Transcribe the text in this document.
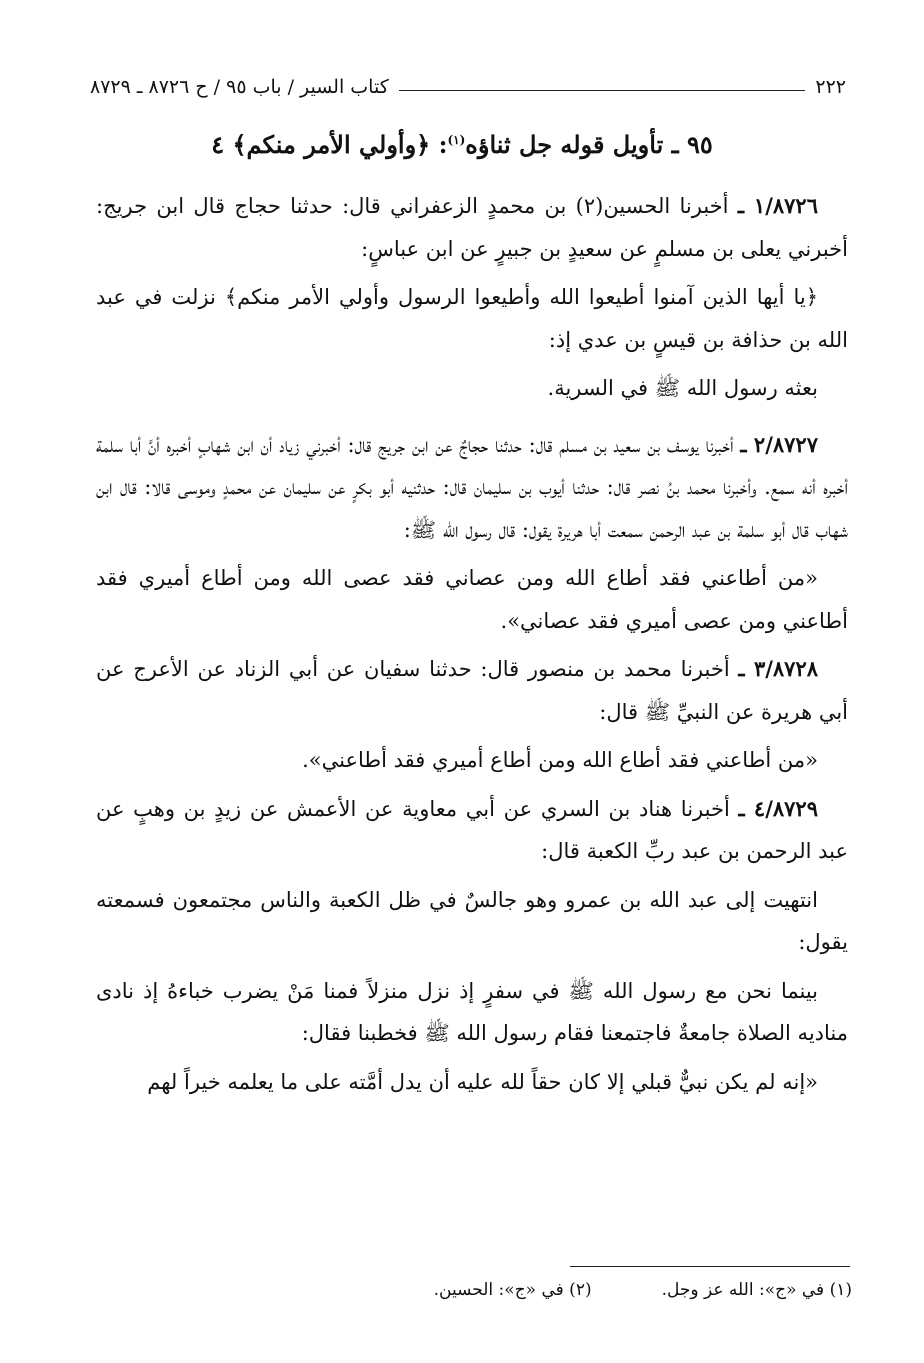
٢٢٢
كتاب السير / باب ٩٥ / ح ٨٧٢٦ ـ ٨٧٢٩
٩٥ ـ تأويل قوله جل ثناؤه$^{(١)}$: ﴿وأولي الأمر منكم﴾ ٤

١/٨٧٢٦ ـ أخبرنا الحسين(٢) بن محمدٍ الزعفراني قال: حدثنا حجاج قال ابن جريج: أخبرني يعلى بن مسلمٍ عن سعيدٍ بن جبيرٍ عن ابن عباسٍ:

﴿يا أيها الذين آمنوا أطيعوا الله وأطيعوا الرسول وأولي الأمر منكم﴾ نزلت في عبد الله بن حذافة بن قيسٍ بن عدي إذ:

بعثه رسول الله ﷺ في السرية.

٢/٨٧٢٧ ـ أخبرنا يوسف بن سعيد بن مسلم قال: حدثنا حجاجٌ عن ابن جريج قال: أخبرني زياد أن ابن شهابٍ أخبره أنَّ أبا سلمة أخبره أنه سمع. وأخبرنا محمد بنُ نصر قال: حدثنا أيوب بن سليمان قال: حدثنيه أبو بكرٍ عن سليمان عن محمدٍ وموسى قالا: قال ابن شهاب قال أبو سلمة بن عبد الرحمن سمعت أبا هريرة يقول: قال رسول الله ﷺ:

«من أطاعني فقد أطاع الله ومن عصاني فقد عصى الله ومن أطاع أميري فقد أطاعني ومن عصى أميري فقد عصاني».

٣/٨٧٢٨ ـ أخبرنا محمد بن منصور قال: حدثنا سفيان عن أبي الزناد عن الأعرج عن أبي هريرة عن النبيِّ ﷺ قال:

«من أطاعني فقد أطاع الله ومن أطاع أميري فقد أطاعني».

٤/٨٧٢٩ ـ أخبرنا هناد بن السري عن أبي معاوية عن الأعمش عن زيدٍ بن وهبٍ عن عبد الرحمن بن عبد ربِّ الكعبة قال:

انتهيت إلى عبد الله بن عمرو وهو جالسٌ في ظل الكعبة والناس مجتمعون فسمعته يقول:

بينما نحن مع رسول الله ﷺ في سفرٍ إذ نزل منزلاً فمنا مَنْ يضرب خباءهُ إذ نادى مناديه الصلاة جامعةٌ فاجتمعنا فقام رسول الله ﷺ فخطبنا فقال:

«إنه لم يكن نبيٌّ قبلي إلا كان حقاً لله عليه أن يدل أمَّته على ما يعلمه خيراً لهم

(١) في «ج»: الله عز وجل.
(٢) في «ج»: الحسين.
